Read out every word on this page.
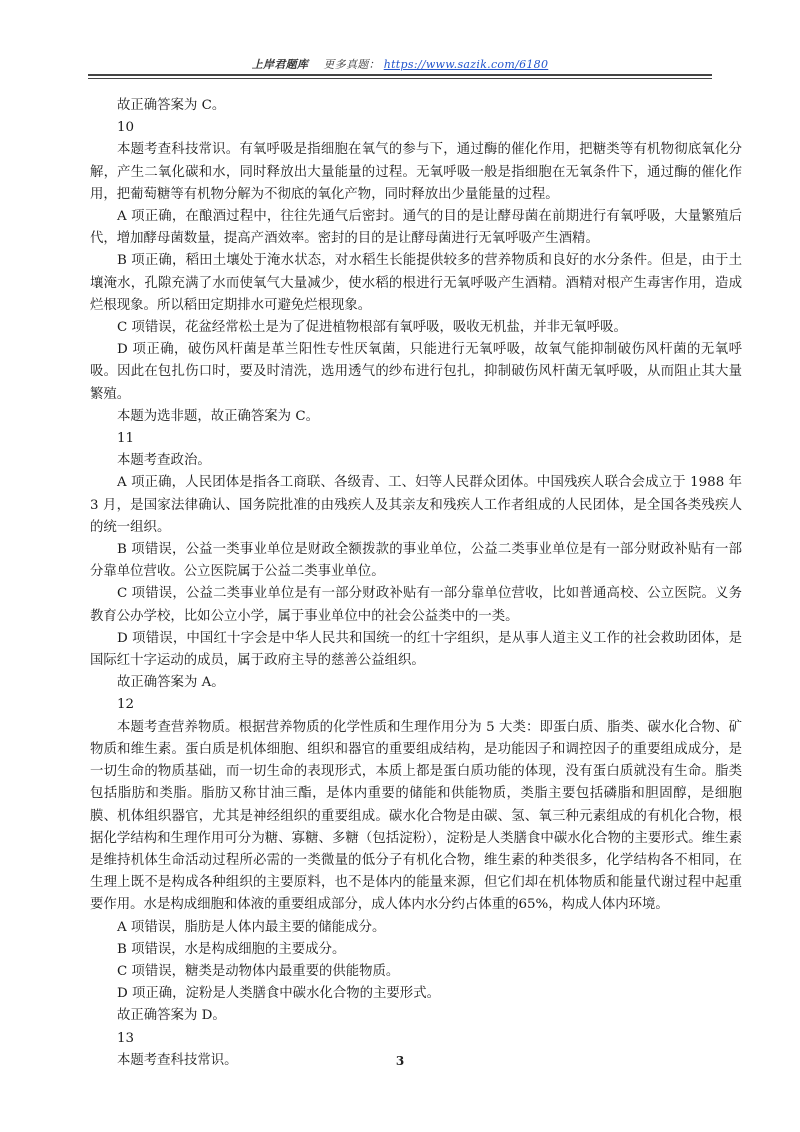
上岸君题库 更多真题： https://www.sazik.com/6180

故正确答案为 C。

10

本题考查科技常识。有氧呼吸是指细胞在氧气的参与下，通过酶的催化作用，把糖类等有机物彻底氧化分解，产生二氧化碳和水，同时释放出大量能量的过程。无氧呼吸一般是指细胞在无氧条件下，通过酶的催化作用，把葡萄糖等有机物分解为不彻底的氧化产物，同时释放出少量能量的过程。

A 项正确，在酿酒过程中，往往先通气后密封。通气的目的是让酵母菌在前期进行有氧呼吸，大量繁殖后代，增加酵母菌数量，提高产酒效率。密封的目的是让酵母菌进行无氧呼吸产生酒精。

B 项正确，稻田土壤处于淹水状态，对水稻生长能提供较多的营养物质和良好的水分条件。但是，由于土壤淹水，孔隙充满了水而使氧气大量减少，使水稻的根进行无氧呼吸产生酒精。酒精对根产生毒害作用，造成烂根现象。所以稻田定期排水可避免烂根现象。

C 项错误，花盆经常松土是为了促进植物根部有氧呼吸，吸收无机盐，并非无氧呼吸。

D 项正确，破伤风杆菌是革兰阳性专性厌氧菌，只能进行无氧呼吸，故氧气能抑制破伤风杆菌的无氧呼吸。因此在包扎伤口时，要及时清洗，选用透气的纱布进行包扎，抑制破伤风杆菌无氧呼吸，从而阻止其大量繁殖。

本题为选非题，故正确答案为 C。

11

本题考查政治。

A 项正确，人民团体是指各工商联、各级青、工、妇等人民群众团体。中国残疾人联合会成立于 1988 年 3 月，是国家法律确认、国务院批准的由残疾人及其亲友和残疾人工作者组成的人民团体，是全国各类残疾人的统一组织。

B 项错误，公益一类事业单位是财政全额拨款的事业单位，公益二类事业单位是有一部分财政补贴有一部分靠单位营收。公立医院属于公益二类事业单位。

C 项错误，公益二类事业单位是有一部分财政补贴有一部分靠单位营收，比如普通高校、公立医院。义务教育公办学校，比如公立小学，属于事业单位中的社会公益类中的一类。

D 项错误，中国红十字会是中华人民共和国统一的红十字组织，是从事人道主义工作的社会救助团体，是国际红十字运动的成员，属于政府主导的慈善公益组织。

故正确答案为 A。

12

本题考查营养物质。根据营养物质的化学性质和生理作用分为 5 大类：即蛋白质、脂类、碳水化合物、矿物质和维生素。蛋白质是机体细胞、组织和器官的重要组成结构，是功能因子和调控因子的重要组成成分，是一切生命的物质基础，而一切生命的表现形式，本质上都是蛋白质功能的体现，没有蛋白质就没有生命。脂类包括脂肪和类脂。脂肪又称甘油三酯，是体内重要的储能和供能物质，类脂主要包括磷脂和胆固醇，是细胞膜、机体组织器官，尤其是神经组织的重要组成。碳水化合物是由碳、氢、氧三种元素组成的有机化合物，根据化学结构和生理作用可分为糖、寡糖、多糖（包括淀粉），淀粉是人类膳食中碳水化合物的主要形式。维生素是维持机体生命活动过程所必需的一类微量的低分子有机化合物，维生素的种类很多，化学结构各不相同，在生理上既不是构成各种组织的主要原料，也不是体内的能量来源，但它们却在机体物质和能量代谢过程中起重要作用。水是构成细胞和体液的重要组成部分，成人体内水分约占体重的65%，构成人体内环境。

A 项错误，脂肪是人体内最主要的储能成分。

B 项错误，水是构成细胞的主要成分。

C 项错误，糖类是动物体内最重要的供能物质。

D 项正确，淀粉是人类膳食中碳水化合物的主要形式。

故正确答案为 D。

13

本题考查科技常识。	3
